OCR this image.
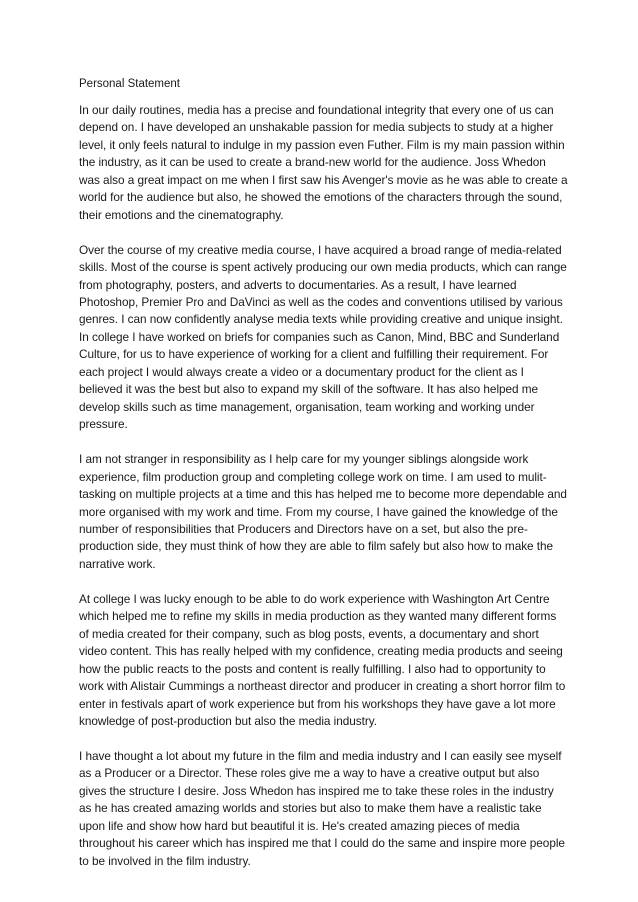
Personal Statement

In our daily routines, media has a precise and foundational integrity that every one of us can depend on. I have developed an unshakable passion for media subjects to study at a higher level, it only feels natural to indulge in my passion even Futher. Film is my main passion within the industry, as it can be used to create a brand-new world for the audience. Joss Whedon was also a great impact on me when I first saw his Avenger's movie as he was able to create a world for the audience but also, he showed the emotions of the characters through the sound, their emotions and the cinematography.

Over the course of my creative media course, I have acquired a broad range of media-related skills. Most of the course is spent actively producing our own media products, which can range from photography, posters, and adverts to documentaries. As a result, I have learned Photoshop, Premier Pro and DaVinci as well as the codes and conventions utilised by various genres. I can now confidently analyse media texts while providing creative and unique insight. In college I have worked on briefs for companies such as Canon, Mind, BBC and Sunderland Culture, for us to have experience of working for a client and fulfilling their requirement. For each project I would always create a video or a documentary product for the client as I believed it was the best but also to expand my skill of the software. It has also helped me develop skills such as time management, organisation, team working and working under pressure.

I am not stranger in responsibility as I help care for my younger siblings alongside work experience, film production group and completing college work on time. I am used to mulit-tasking on multiple projects at a time and this has helped me to become more dependable and more organised with my work and time. From my course, I have gained the knowledge of the number of responsibilities that Producers and Directors have on a set, but also the pre-production side, they must think of how they are able to film safely but also how to make the narrative work.

At college I was lucky enough to be able to do work experience with Washington Art Centre which helped me to refine my skills in media production as they wanted many different forms of media created for their company, such as blog posts, events, a documentary and short video content. This has really helped with my confidence, creating media products and seeing how the public reacts to the posts and content is really fulfilling. I also had to opportunity to work with Alistair Cummings a northeast director and producer in creating a short horror film to enter in festivals apart of work experience but from his workshops they have gave a lot more knowledge of post-production but also the media industry.

I have thought a lot about my future in the film and media industry and I can easily see myself as a Producer or a Director. These roles give me a way to have a creative output but also gives the structure I desire. Joss Whedon has inspired me to take these roles in the industry as he has created amazing worlds and stories but also to make them have a realistic take upon life and show how hard but beautiful it is. He's created amazing pieces of media throughout his career which has inspired me that I could do the same and inspire more people to be involved in the film industry.
